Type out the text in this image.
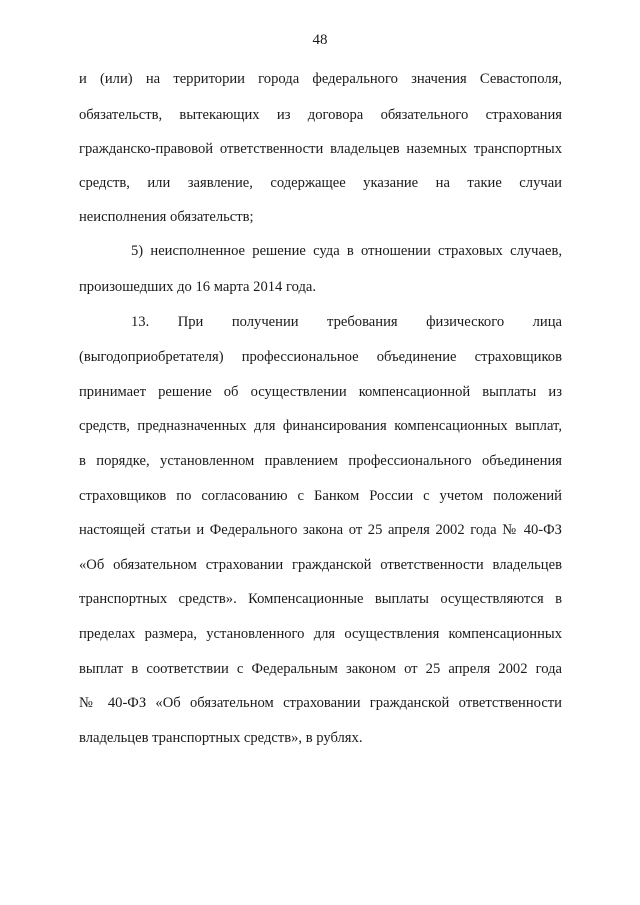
48
и (или) на территории города федерального значения Севастополя,
обязательств, вытекающих из договора обязательного страхования
гражданско-правовой ответственности владельцев наземных транспортных
средств, или заявление, содержащее указание на такие случаи
неисполнения обязательств;
5) неисполненное решение суда в отношении страховых случаев,
произошедших до 16 марта 2014 года.
13. При получении требования физического лица
(выгодоприобретателя) профессиональное объединение страховщиков
принимает решение об осуществлении компенсационной выплаты из
средств, предназначенных для финансирования компенсационных выплат,
в порядке, установленном правлением профессионального объединения
страховщиков по согласованию с Банком России с учетом положений
настоящей статьи и Федерального закона от 25 апреля 2002 года № 40-ФЗ
«Об обязательном страховании гражданской ответственности владельцев
транспортных средств». Компенсационные выплаты осуществляются в
пределах размера, установленного для осуществления компенсационных
выплат в соответствии с Федеральным законом от 25 апреля 2002 года
№ 40-ФЗ «Об обязательном страховании гражданской ответственности
владельцев транспортных средств», в рублях.
